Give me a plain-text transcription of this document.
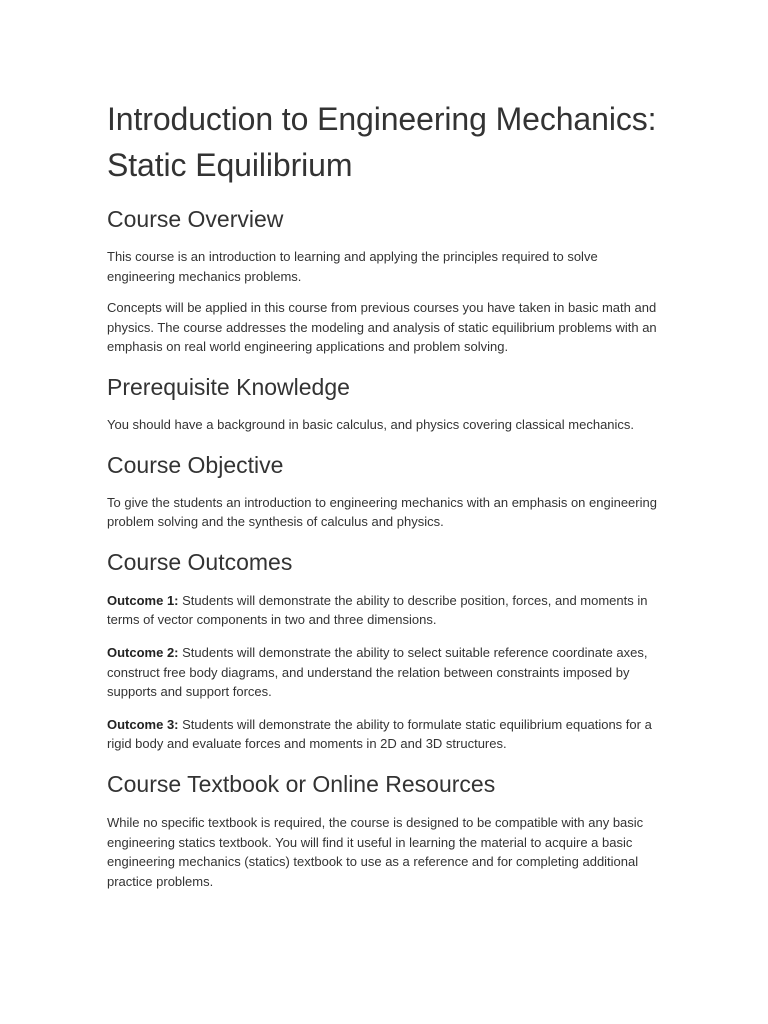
Introduction to Engineering Mechanics: Static Equilibrium
Course Overview

This course is an introduction to learning and applying the principles required to solve engineering mechanics problems.

Concepts will be applied in this course from previous courses you have taken in basic math and physics. The course addresses the modeling and analysis of static equilibrium problems with an emphasis on real world engineering applications and problem solving.

Prerequisite Knowledge

You should have a background in basic calculus, and physics covering classical mechanics.

Course Objective

To give the students an introduction to engineering mechanics with an emphasis on engineering problem solving and the synthesis of calculus and physics.

Course Outcomes

Outcome 1: Students will demonstrate the ability to describe position, forces, and moments in terms of vector components in two and three dimensions.

Outcome 2: Students will demonstrate the ability to select suitable reference coordinate axes, construct free body diagrams, and understand the relation between constraints imposed by supports and support forces.

Outcome 3: Students will demonstrate the ability to formulate static equilibrium equations for a rigid body and evaluate forces and moments in 2D and 3D structures.

Course Textbook or Online Resources

While no specific textbook is required, the course is designed to be compatible with any basic engineering statics textbook. You will find it useful in learning the material to acquire a basic engineering mechanics (statics) textbook to use as a reference and for completing additional practice problems.
